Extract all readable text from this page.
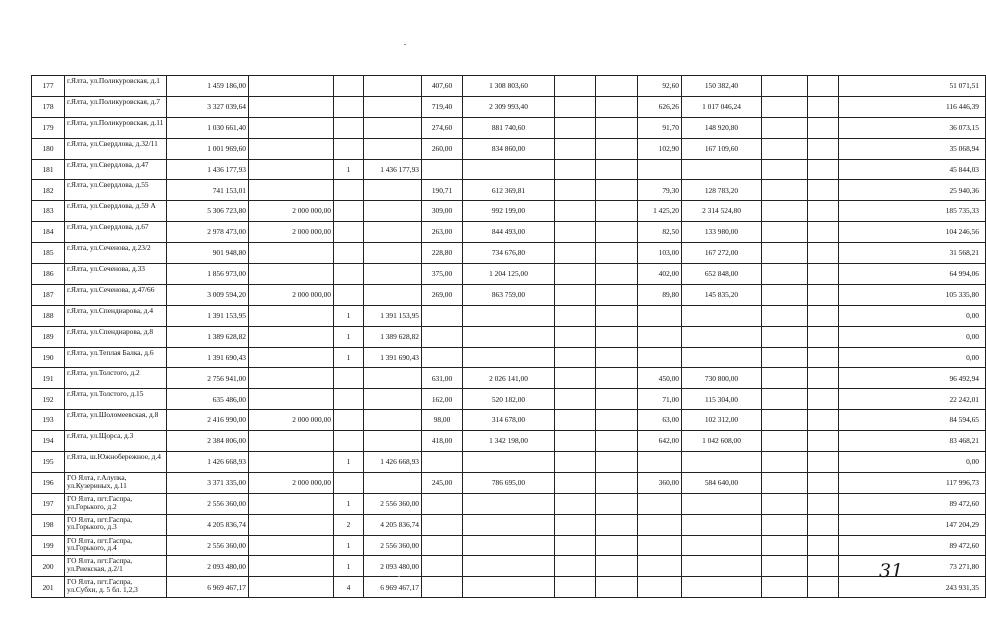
177	г.Ялта, ул.Поликуровская, д.1	1 459 186,00				407,60	1 308 803,60			92,60	150 382,40			51 071,51
178	г.Ялта, ул.Поликуровская, д.7	3 327 039,64				719,40	2 309 993,40			626,26	1 017 046,24			116 446,39
179	г.Ялта, ул.Поликуровская, д.11	1 030 661,40				274,60	881 740,60			91,70	148 920,80			36 073,15
180	г.Ялта, ул.Свердлова, д.32/11	1 001 969,60				260,00	834 860,00			102,90	167 109,60			35 068,94
181	г.Ялта, ул.Свердлова, д.47	1 436 177,93		1	1 436 177,93									45 844,03
182	г.Ялта, ул.Свердлова, д.55	741 153,01				190,71	612 369,81			79,30	128 783,20			25 940,36
183	г.Ялта, ул.Свердлова, д.59 А	5 306 723,80	2 000 000,00			309,00	992 199,00			1 425,20	2 314 524,80			185 735,33
184	г.Ялта, ул.Свердлова, д.67	2 978 473,00	2 000 000,00			263,00	844 493,00			82,50	133 980,00			104 246,56
185	г.Ялта, ул.Сеченова, д.23/2	901 948,80				228,80	734 676,80			103,00	167 272,00			31 568,21
186	г.Ялта, ул.Сеченова, д.33	1 856 973,00				375,00	1 204 125,00			402,00	652 848,00			64 994,06
187	г.Ялта, ул.Сеченова, д.47/66	3 009 594,20	2 000 000,00			269,00	863 759,00			89,80	145 835,20			105 335,80
188	г.Ялта, ул.Спендиарова, д.4	1 391 153,95		1	1 391 153,95									0,00
189	г.Ялта, ул.Спендиарова, д.8	1 389 628,82		1	1 389 628,82									0,00
190	г.Ялта, ул.Теплая Балка, д.6	1 391 690,43		1	1 391 690,43									0,00
191	г.Ялта, ул.Толстого, д.2	2 756 941,00				631,00	2 026 141,00			450,00	730 800,00			96 492,94
192	г.Ялта, ул.Толстого, д.15	635 486,00				162,00	520 182,00			71,00	115 304,00			22 242,01
193	г.Ялта, ул.Шоломеевская, д.8	2 416 990,00	2 000 000,00			98,00	314 678,00			63,00	102 312,00			84 594,65
194	г.Ялта, ул.Щорса, д.3	2 384 806,00				418,00	1 342 198,00			642,00	1 042 608,00			83 468,21
195	г.Ялта, ш.Южнобережное, д.4	1 426 668,93		1	1 426 668,93									0,00
196	ГО Ялта, г.Алупка, ул.Кузериных, д.11	3 371 335,00	2 000 000,00			245,00	786 695,00			360,00	584 640,00			117 996,73
197	ГО Ялта, пгт.Гаспра, ул.Горького, д.2	2 556 360,00		1	2 556 360,00									89 472,60
198	ГО Ялта, пгт.Гаспра, ул.Горького, д.3	4 205 836,74		2	4 205 836,74									147 204,29
199	ГО Ялта, пгт.Гаспра, ул.Горького, д.4	2 556 360,00		1	2 556 360,00									89 472,60
200	ГО Ялта, пгт.Гаспра, ул.Риекская, д.2/1	2 093 480,00		1	2 093 480,00									73 271,80
201	ГО Ялта, пгт.Гаспра, ул.Субхи, д. 5 бл. 1,2,3	6 969 467,17		4	6 969 467,17									243 931,35
31
